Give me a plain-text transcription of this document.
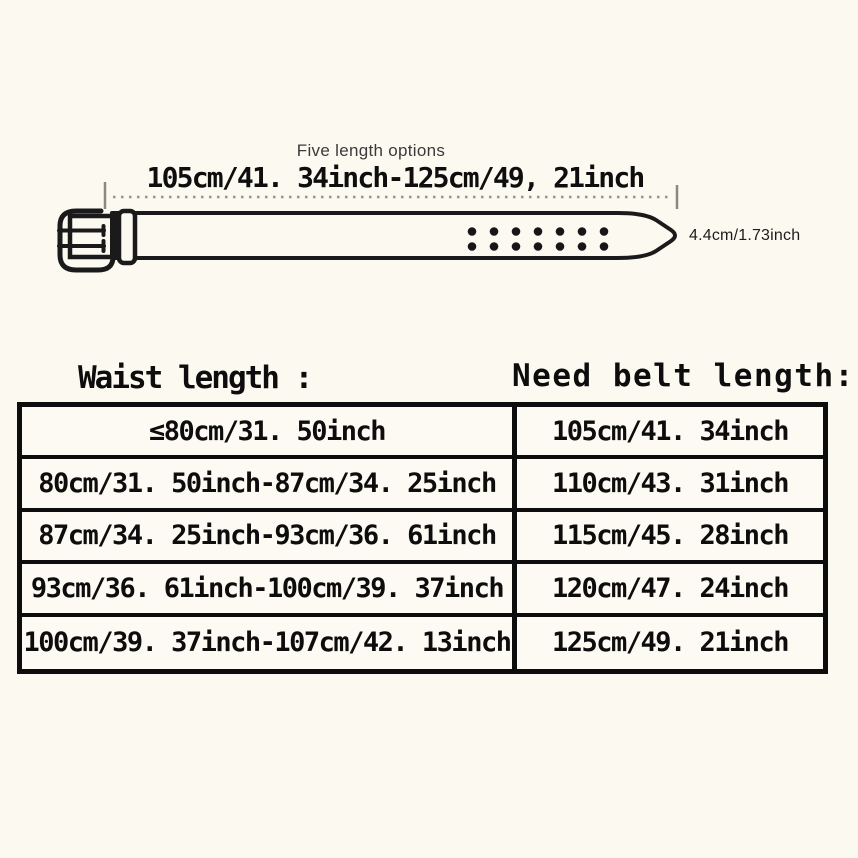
Five length options
105cm/41. 34inch-125cm/49, 21inch
4.4cm/1.73inch
Waist length :	Need belt length:
≤80cm/31. 50inch	105cm/41. 34inch
80cm/31. 50inch-87cm/34. 25inch	110cm/43. 31inch
87cm/34. 25inch-93cm/36. 61inch	115cm/45. 28inch
93cm/36. 61inch-100cm/39. 37inch	120cm/47. 24inch
100cm/39. 37inch-107cm/42. 13inch	125cm/49. 21inch
